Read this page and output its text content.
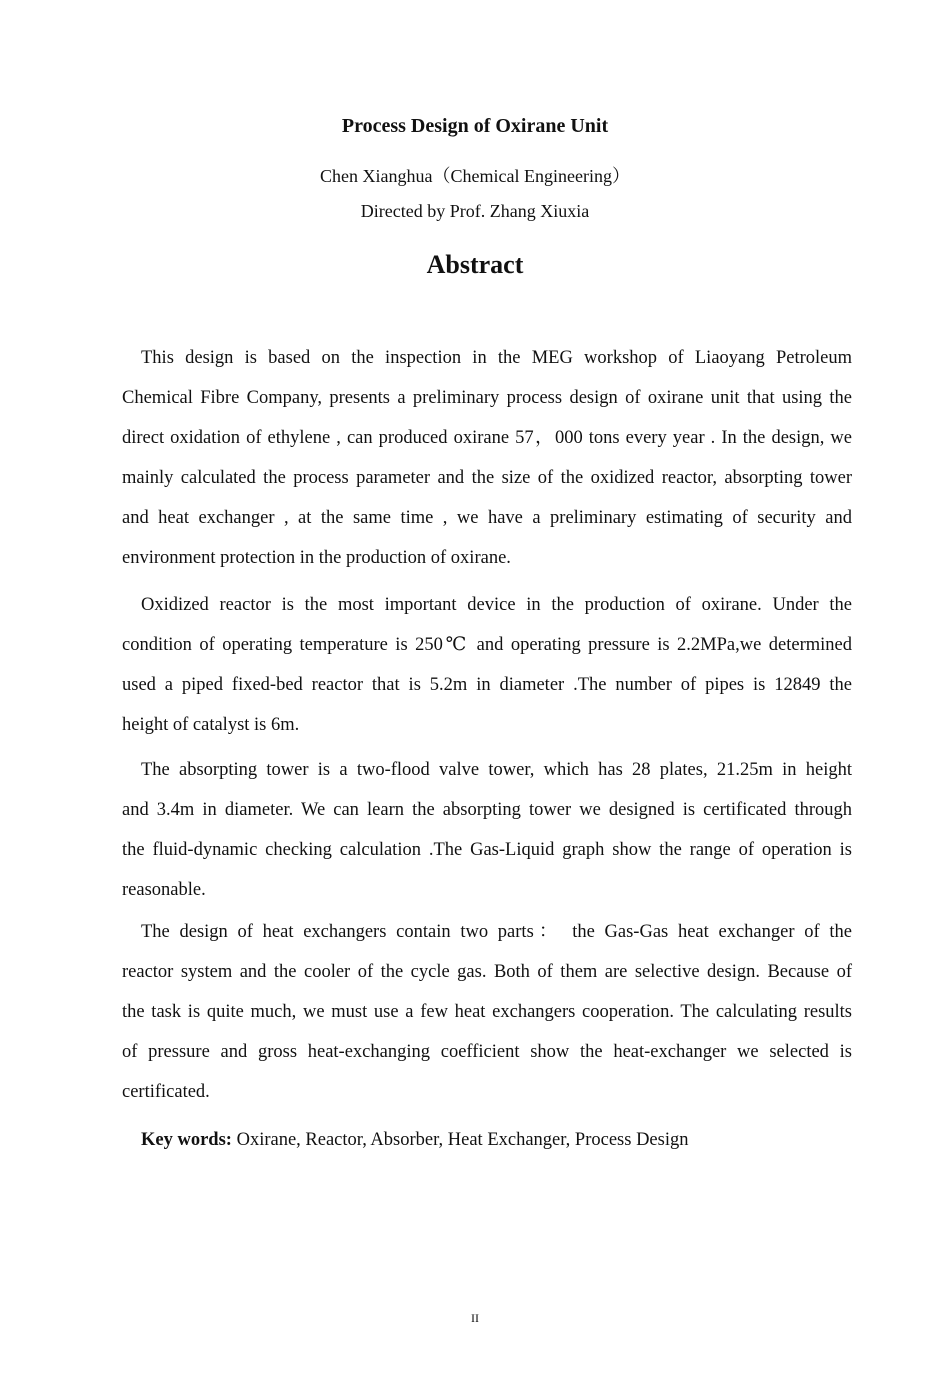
Process Design of Oxirane Unit
Chen Xianghua（Chemical Engineering）
Directed by Prof. Zhang Xiuxia
Abstract
This design is based on the inspection in the MEG workshop of Liaoyang Petroleum
Chemical Fibre Company, presents a preliminary process design of oxirane unit that using the
direct oxidation of ethylene , can produced oxirane 57，000 tons every year . In the design, we
mainly calculated the process parameter and the size of the oxidized reactor, absorpting tower
and heat exchanger , at the same time , we have a preliminary estimating of security and
environment protection in the production of oxirane.
Oxidized reactor is the most important device in the production of oxirane. Under the
condition of operating temperature is 250℃ and operating pressure is 2.2MPa,we determined
used a piped fixed-bed reactor that is 5.2m in diameter .The number of pipes is 12849 the
height of catalyst is 6m.
The absorpting tower is a two-flood valve tower, which has 28 plates, 21.25m in height
and 3.4m in diameter. We can learn the absorpting tower we designed is certificated through
the fluid-dynamic checking calculation .The Gas-Liquid graph show the range of operation is
reasonable.
The design of heat exchangers contain two parts： the Gas-Gas heat exchanger of the
reactor system and the cooler of the cycle gas. Both of them are selective design. Because of
the task is quite much, we must use a few heat exchangers cooperation. The calculating results
of pressure and gross heat-exchanging coefficient show the heat-exchanger we selected is
certificated.
Key words: Oxirane, Reactor, Absorber, Heat Exchanger, Process Design
II
